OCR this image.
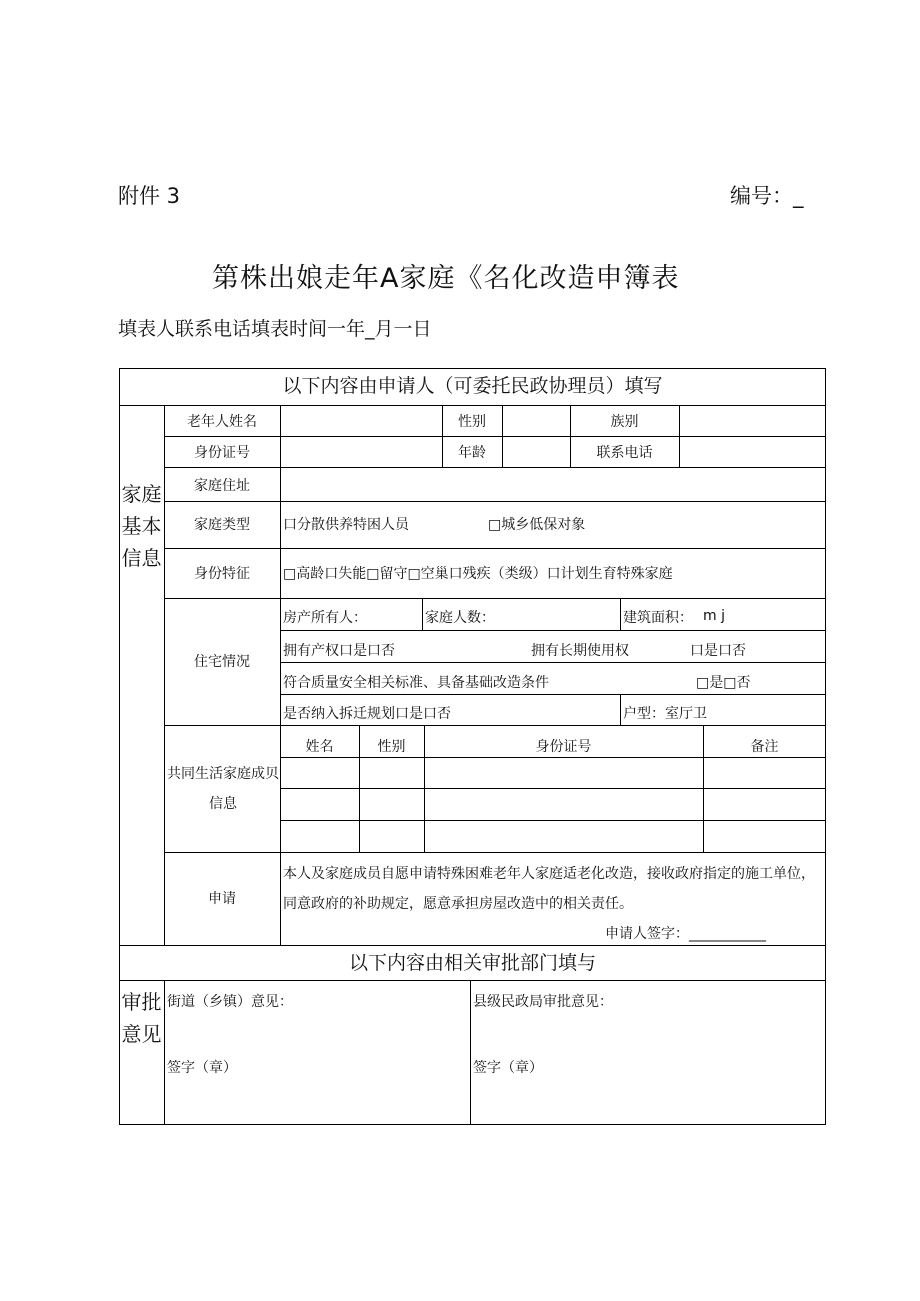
附件 3	编号：_
第株出娘走年A家庭《名化改造申簿表
填表人联系电话填表时间一年_月一日
以下内容由申请人（可委托民政协理员）填写
家庭基本信息
老年人姓名	性别	族别
身份证号	年龄	联系电话
家庭住址
家庭类型	口分散供养特困人员	□城乡低保对象
身份特征	□高龄口失能□留守□空巢口残疾（类级）口计划生育特殊家庭
住宅情况
房产所有人：	家庭人数：	建筑面积： m j
拥有产权口是口否	拥有长期使用权	口是口否
符合质量安全相关标准、具备基础改造条件	□是□否
是否纳入拆迁规划口是口否	户型：室厅卫
共同生活家庭成贝信息
姓名	性别	身份证号	备注
申请
本人及家庭成员自愿申请特殊困难老年人家庭适老化改造，接收政府指定的施工单位，同意政府的补助规定，愿意承担房屋改造中的相关责任。
申请人签字：___________
以下内容由相关审批部门填与
审批意见
街道（乡镇）意见：	县级民政局审批意见：
签字（章）	签字（章）
